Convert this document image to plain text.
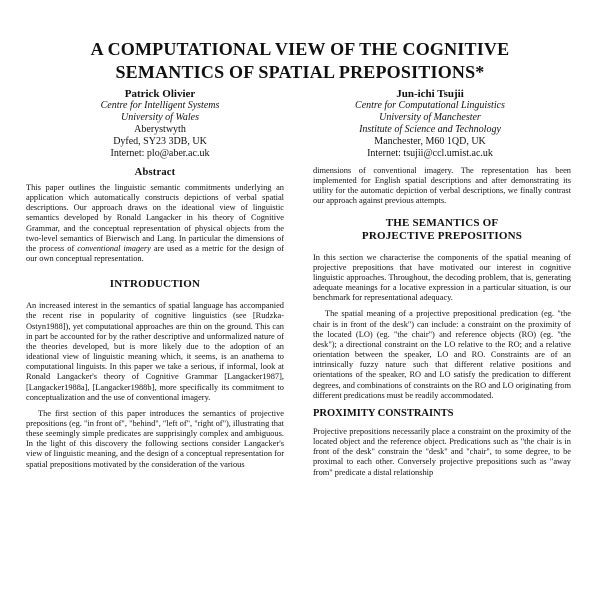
A COMPUTATIONAL VIEW OF THE COGNITIVE
SEMANTICS OF SPATIAL PREPOSITIONS*
Patrick Olivier
Centre for Intelligent Systems
University of Wales
Aberystwyth
Dyfed, SY23 3DB, UK
Internet: plo@aber.ac.uk
Jun-ichi Tsujii
Centre for Computational Linguistics
University of Manchester
Institute of Science and Technology
Manchester, M60 1QD, UK
Internet: tsujii@ccl.umist.ac.uk
Abstract

This paper outlines the linguistic semantic commitments underlying an application which automatically constructs depictions of verbal spatial descriptions. Our approach draws on the ideational view of linguistic semantics developed by Ronald Langacker in his theory of Cognitive Grammar, and the conceptual representation of physical objects from the two-level semantics of Bierwisch and Lang. In particular the dimensions of the process of conventional imagery are used as a metric for the design of our own conceptual representation.

INTRODUCTION

An increased interest in the semantics of spatial language has accompanied the recent rise in popularity of cognitive linguistics (see [Rudzka-Ostyn1988]), yet computational approaches are thin on the ground. This can in part be accounted for by the rather descriptive and unformalized nature of the theories developed, but is more likely due to the adoption of an ideational view of linguistic meaning which, it seems, is an anathema to computational linguists. In this paper we take a serious, if informal, look at Ronald Langacker's theory of Cognitive Grammar [Langacker1987], [Langacker1988a], [Langacker1988b], more specifically its commitment to conceptualization and the use of conventional imagery.

The first section of this paper introduces the semantics of projective prepositions (eg. "in front of", "behind", "left of", "right of"), illustrating that these seemingly simple predicates are supprisingly complex and ambiguous. In the light of this discovery the following sections consider Langacker's view of linguistic meaning, and the design of a conceptual representation for spatial prepositions motivated by the consideration of the various

dimensions of conventional imagery. The representation has been implemented for English spatial descriptions and after demonstrating its utility for the automatic depiction of verbal descriptions, we finally contrast our approach against previous attempts.

THE SEMANTICS OF
PROJECTIVE PREPOSITIONS

In this section we characterise the components of the spatial meaning of projective prepositions that have motivated our interest in cognitive linguistic approaches. Throughout, the decoding problem, that is, generating adequate meanings for a locative expression in a particular situation, is our benchmark for representational adequacy.

The spatial meaning of a projective prepositional predication (eg. "the chair is in front of the desk") can include: a constraint on the proximity of the located (LO) (eg. "the chair") and reference objects (RO) (eg. "the desk"); a directional constraint on the LO relative to the RO; and a relative orientation between the speaker, LO and RO. Constraints are of an intrinsically fuzzy nature such that different relative positions and orientations of the speaker, RO and LO satisfy the predication to different degrees, and combinations of constraints on the RO and LO originating from different predications must be readily accommodated.

PROXIMITY CONSTRAINTS

Projective prepositions necessarily place a constraint on the proximity of the located object and the reference object. Predications such as "the chair is in front of the desk" constrain the "desk" and "chair", to some degree, to be proximal to each other. Conversely projective prepositions such as "away from" predicate a distal relationship
